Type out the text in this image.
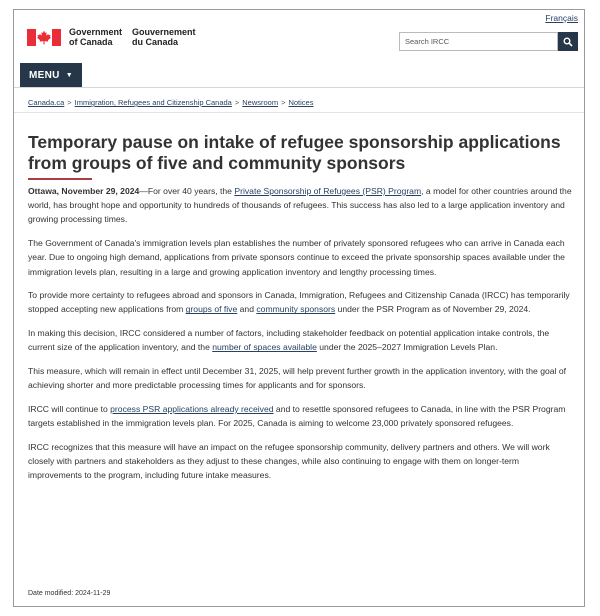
Français
Government
of Canada
Gouvernement
du Canada	Search IRCC
MENU ▼
Canada.ca > Immigration, Refugees and Citizenship Canada > Newsroom > Notices
Temporary pause on intake of refugee sponsorship applications from groups of five and community sponsors

Ottawa, November 29, 2024—For over 40 years, the Private Sponsorship of Refugees (PSR) Program, a model for other countries around the world, has brought hope and opportunity to hundreds of thousands of refugees. This success has also led to a large application inventory and growing processing times.

The Government of Canada's immigration levels plan establishes the number of privately sponsored refugees who can arrive in Canada each year. Due to ongoing high demand, applications from private sponsors continue to exceed the private sponsorship spaces available under the immigration levels plan, resulting in a large and growing application inventory and lengthy processing times.

To provide more certainty to refugees abroad and sponsors in Canada, Immigration, Refugees and Citizenship Canada (IRCC) has temporarily stopped accepting new applications from groups of five and community sponsors under the PSR Program as of November 29, 2024.

In making this decision, IRCC considered a number of factors, including stakeholder feedback on potential application intake controls, the current size of the application inventory, and the number of spaces available under the 2025–2027 Immigration Levels Plan.

This measure, which will remain in effect until December 31, 2025, will help prevent further growth in the application inventory, with the goal of achieving shorter and more predictable processing times for applicants and for sponsors.

IRCC will continue to process PSR applications already received and to resettle sponsored refugees to Canada, in line with the PSR Program targets established in the immigration levels plan. For 2025, Canada is aiming to welcome 23,000 privately sponsored refugees.

IRCC recognizes that this measure will have an impact on the refugee sponsorship community, delivery partners and others. We will work closely with partners and stakeholders as they adjust to these changes, while also continuing to engage with them on longer-term improvements to the program, including future intake measures.

Date modified: 2024-11-29
